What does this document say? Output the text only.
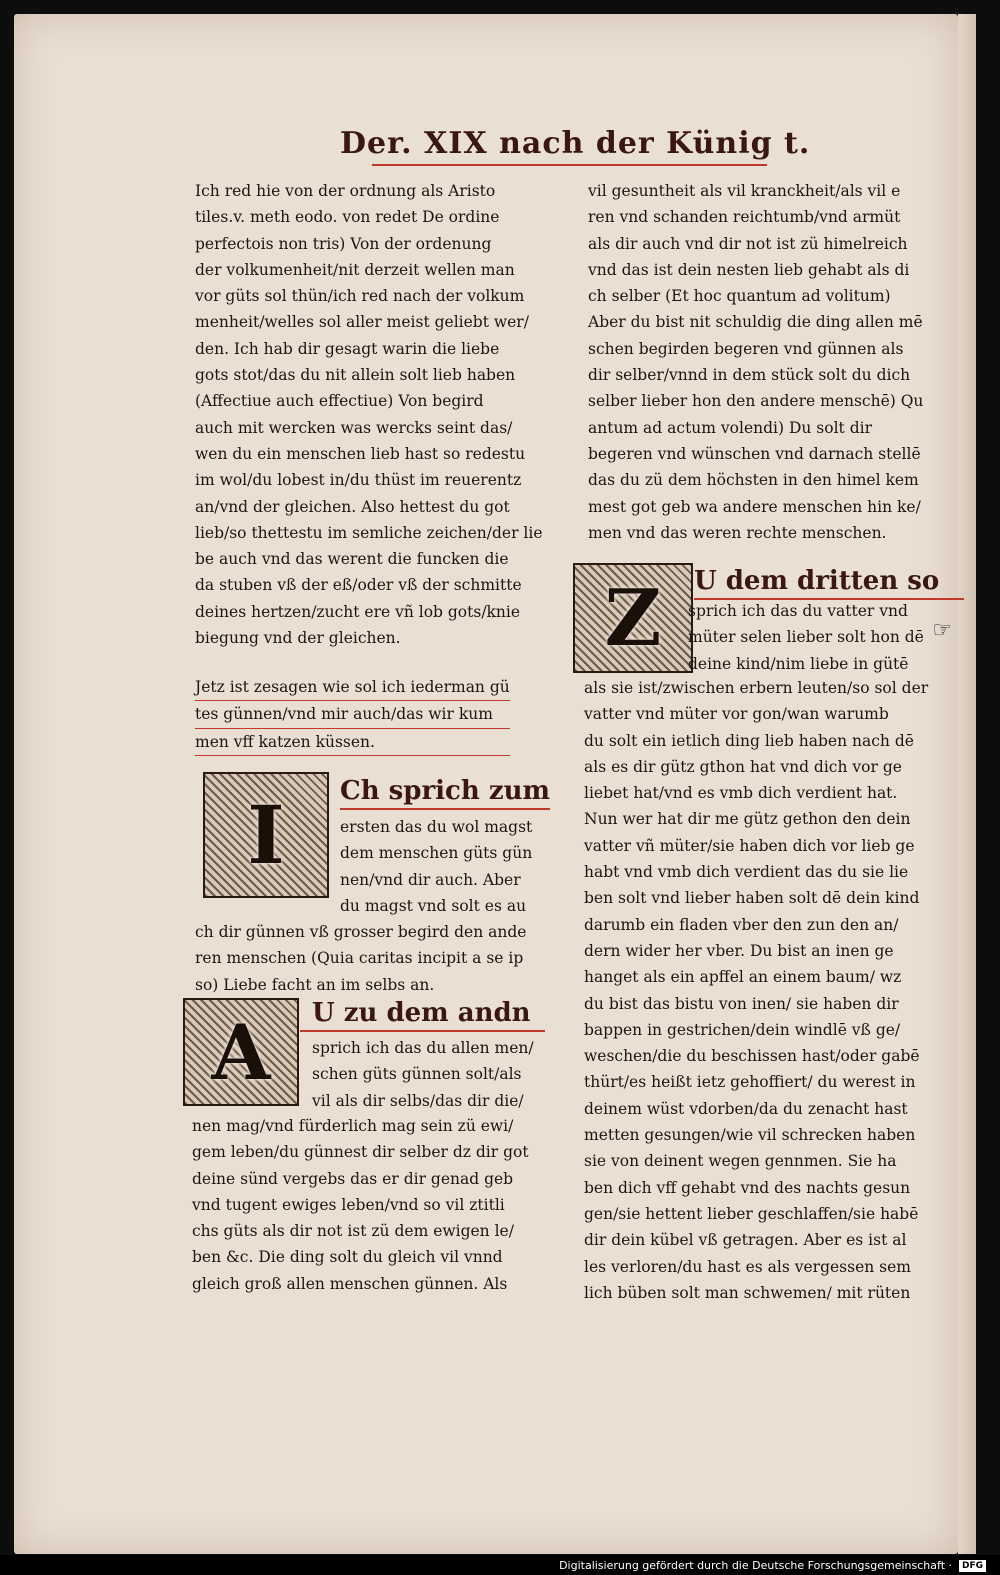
Der. XIX nach der Künig t.
Ich red hie von der ordnung als Aristo
tiles.v. meth eodo. von redet De ordine
perfectois non tris) Von der ordenung
der volkumenheit/nit derzeit wellen man
vor güts sol thün/ich red nach der volkum
menheit/welles sol aller meist geliebt wer/
den. Ich hab dir gesagt warin die liebe
gots stot/das du nit allein solt lieb haben
(Affectiue auch effectiue) Von begird
auch mit wercken was wercks seint das/
wen du ein menschen lieb hast so redestu
im wol/du lobest in/du thüst im reuerentz
an/vnd der gleichen. Also hettest du got
lieb/so thettestu im semliche zeichen/der lie
be auch vnd das werent die funcken die
da stuben vß der eß/oder vß der schmitte
deines hertzen/zucht ere vñ lob gots/knie
biegung vnd der gleichen.
Jetz ist zesagen wie sol ich iederman gü
tes günnen/vnd mir auch/das wir kum
men vff katzen küssen.
I	Ch sprich zum
ersten das du wol magst
dem menschen güts gün
nen/vnd dir auch. Aber
du magst vnd solt es au
ch dir günnen vß grosser begird den ande
ren menschen (Quia caritas incipit a se ip
so) Liebe facht an im selbs an.
A	U zu dem andn
sprich ich das du allen men/
schen güts günnen solt/als
vil als dir selbs/das dir die/
nen mag/vnd fürderlich mag sein zü ewi/
gem leben/du günnest dir selber dz dir got
deine sünd vergebs das er dir genad geb
vnd tugent ewiges leben/vnd so vil ztitli
chs güts als dir not ist zü dem ewigen le/
ben &c. Die ding solt du gleich vil vnnd
gleich groß allen menschen günnen. Als
vil gesuntheit als vil kranckheit/als vil e
ren vnd schanden reichtumb/vnd armüt
als dir auch vnd dir not ist zü himelreich
vnd das ist dein nesten lieb gehabt als di
ch selber (Et hoc quantum ad volitum)
Aber du bist nit schuldig die ding allen mē
schen begirden begeren vnd günnen als
dir selber/vnnd in dem stück solt du dich
selber lieber hon den andere menschē) Qu
antum ad actum volendi) Du solt dir
begeren vnd wünschen vnd darnach stellē
das du zü dem höchsten in den himel kem
mest got geb wa andere menschen hin ke/
men vnd das weren rechte menschen.
Z	U dem dritten so
sprich ich das du vatter vnd
müter selen lieber solt hon dē
deine kind/nim liebe in gütē
als sie ist/zwischen erbern leuten/so sol der
vatter vnd müter vor gon/wan warumb
du solt ein ietlich ding lieb haben nach dē
als es dir gütz gthon hat vnd dich vor ge
liebet hat/vnd es vmb dich verdient hat.
Nun wer hat dir me gütz gethon den dein
vatter vñ müter/sie haben dich vor lieb ge
habt vnd vmb dich verdient das du sie lie
ben solt vnd lieber haben solt dē dein kind
darumb ein fladen vber den zun den an/
dern wider her vber. Du bist an inen ge
hanget als ein apffel an einem baum/ wz
du bist das bistu von inen/ sie haben dir
bappen in gestrichen/dein windlē vß ge/
weschen/die du beschissen hast/oder gabē
thürt/es heißt ietz gehoffiert/ du werest in
deinem wüst vdorben/da du zenacht hast
metten gesungen/wie vil schrecken haben
sie von deinent wegen gennmen. Sie ha
ben dich vff gehabt vnd des nachts gesun
gen/sie hettent lieber geschlaffen/sie habē
dir dein kübel vß getragen. Aber es ist al
les verloren/du hast es als vergessen sem
lich büben solt man schwemen/ mit rüten
☞
Digitalisierung gefördert durch die Deutsche Forschungsgemeinschaft ·	DFG
